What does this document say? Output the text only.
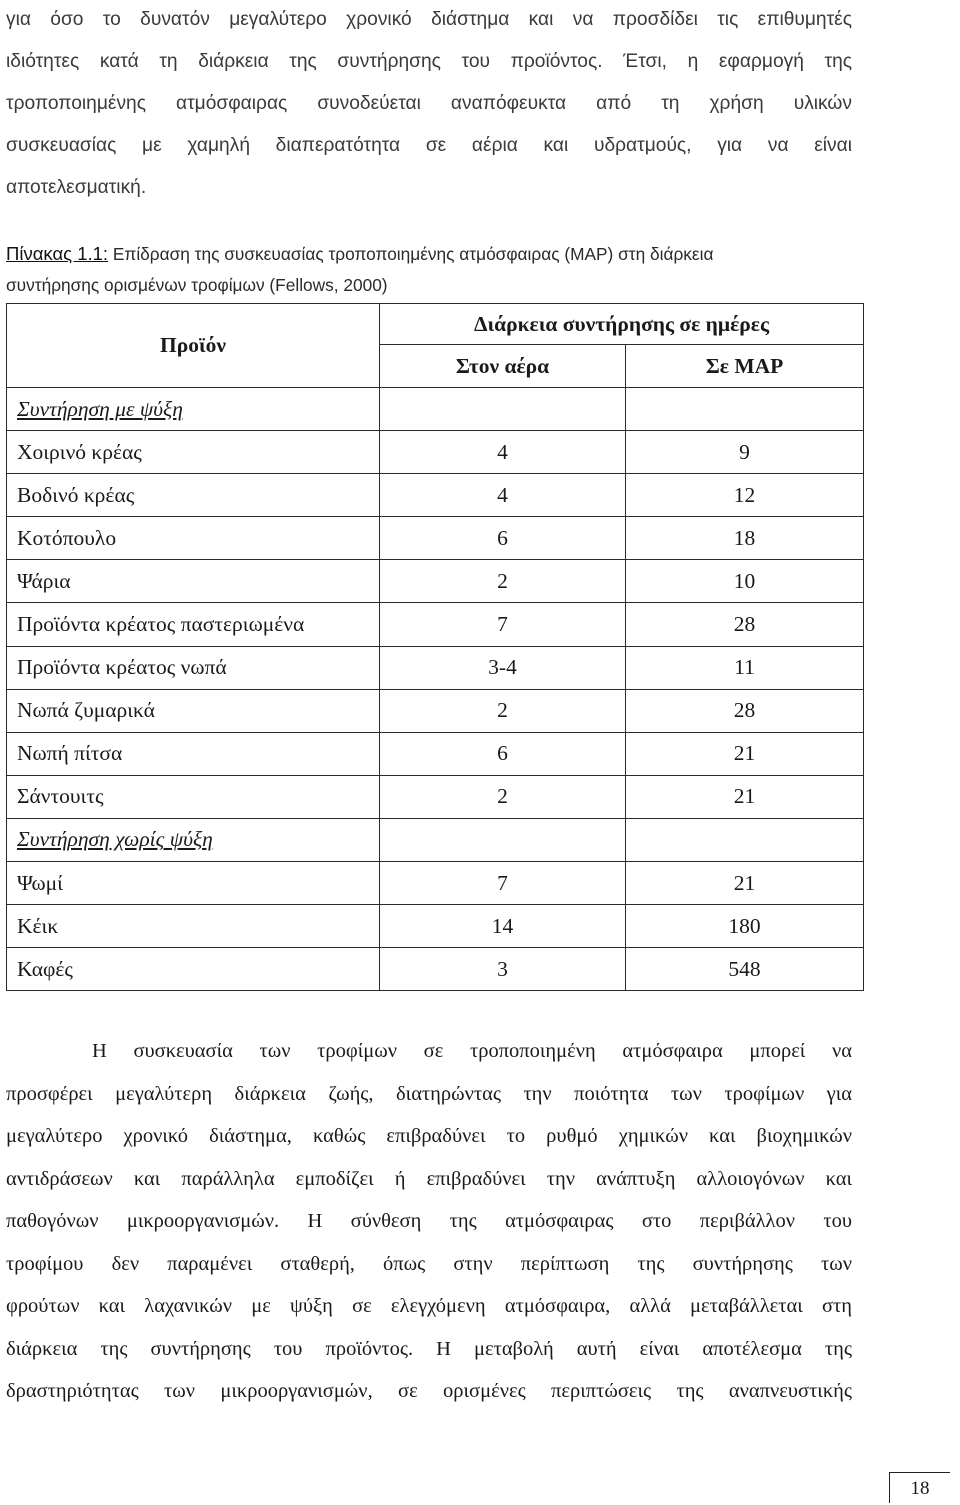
για όσο το δυνατόν μεγαλύτερο χρονικό διάστημα και να προσδίδει τις επιθυμητές
ιδιότητες κατά τη διάρκεια της συντήρησης του προϊόντος. Έτσι, η εφαρμογή της
τροποποιημένης ατμόσφαιρας συνοδεύεται αναπόφευκτα από τη χρήση υλικών
συσκευασίας με χαμηλή διαπερατότητα σε αέρια και υδρατμούς, για να είναι
αποτελεσματική.
Πίνακας 1.1: Επίδραση της συσκευασίας τροποποιημένης ατμόσφαιρας (MAP) στη διάρκεια
συντήρησης ορισμένων τροφίμων (Fellows, 2000)
Προϊόν	Διάρκεια συντήρησης σε ημέρες	
	Στον αέρα	Σε MAP
Συντήρηση με ψύξη		
Χοιρινό κρέας	4	9
Βοδινό κρέας	4	12
Κοτόπουλο	6	18
Ψάρια	2	10
Προϊόντα κρέατος παστεριωμένα	7	28
Προϊόντα κρέατος νωπά	3-4	11
Νωπά ζυμαρικά	2	28
Νωπή πίτσα	6	21
Σάντουιτς	2	21
Συντήρηση χωρίς ψύξη		
Ψωμί	7	21
Κέικ	14	180
Καφές	3	548
Η συσκευασία των τροφίμων σε τροποποιημένη ατμόσφαιρα μπορεί να
προσφέρει μεγαλύτερη διάρκεια ζωής, διατηρώντας την ποιότητα των τροφίμων για
μεγαλύτερο χρονικό διάστημα, καθώς επιβραδύνει το ρυθμό χημικών και βιοχημικών
αντιδράσεων και παράλληλα εμποδίζει ή επιβραδύνει την ανάπτυξη αλλοιογόνων και
παθογόνων μικροοργανισμών. Η σύνθεση της ατμόσφαιρας στο περιβάλλον του
τροφίμου δεν παραμένει σταθερή, όπως στην περίπτωση της συντήρησης των
φρούτων και λαχανικών με ψύξη σε ελεγχόμενη ατμόσφαιρα, αλλά μεταβάλλεται στη
διάρκεια της συντήρησης του προϊόντος. Η μεταβολή αυτή είναι αποτέλεσμα της
δραστηριότητας των μικροοργανισμών, σε ορισμένες περιπτώσεις της αναπνευστικής
18
